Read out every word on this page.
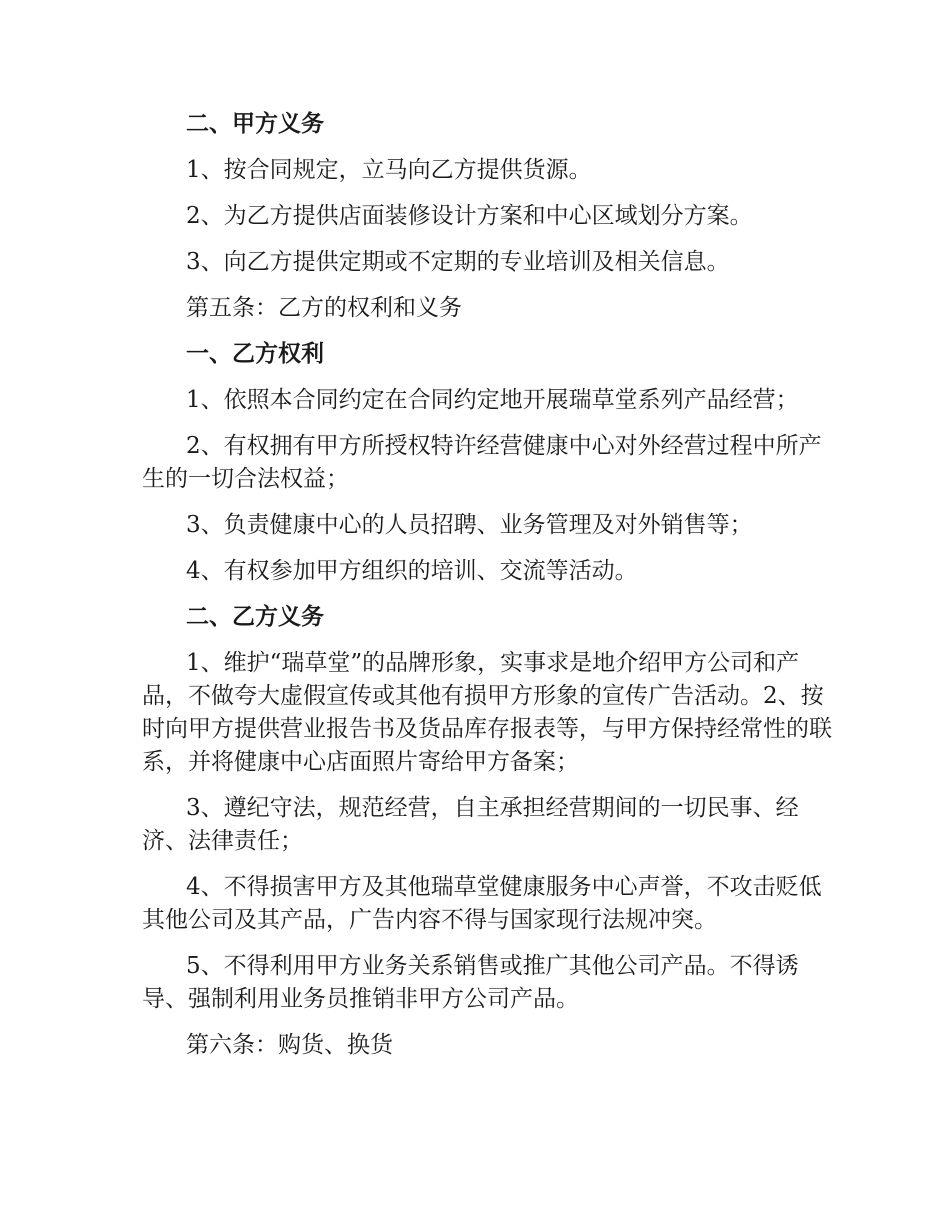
二、甲方义务

1、按合同规定，立马向乙方提供货源。

2、为乙方提供店面装修设计方案和中心区域划分方案。

3、向乙方提供定期或不定期的专业培训及相关信息。

第五条：乙方的权利和义务

一、乙方权利

1、依照本合同约定在合同约定地开展瑞草堂系列产品经营；

2、有权拥有甲方所授权特许经营健康中心对外经营过程中所产生的一切合法权益；

3、负责健康中心的人员招聘、业务管理及对外销售等；

4、有权参加甲方组织的培训、交流等活动。

二、乙方义务

1、维护“瑞草堂”的品牌形象，实事求是地介绍甲方公司和产品，不做夸大虚假宣传或其他有损甲方形象的宣传广告活动。2、按时向甲方提供营业报告书及货品库存报表等，与甲方保持经常性的联系，并将健康中心店面照片寄给甲方备案；

3、遵纪守法，规范经营，自主承担经营期间的一切民事、经济、法律责任；

4、不得损害甲方及其他瑞草堂健康服务中心声誉，不攻击贬低其他公司及其产品，广告内容不得与国家现行法规冲突。

5、不得利用甲方业务关系销售或推广其他公司产品。不得诱导、强制利用业务员推销非甲方公司产品。

第六条：购货、换货
